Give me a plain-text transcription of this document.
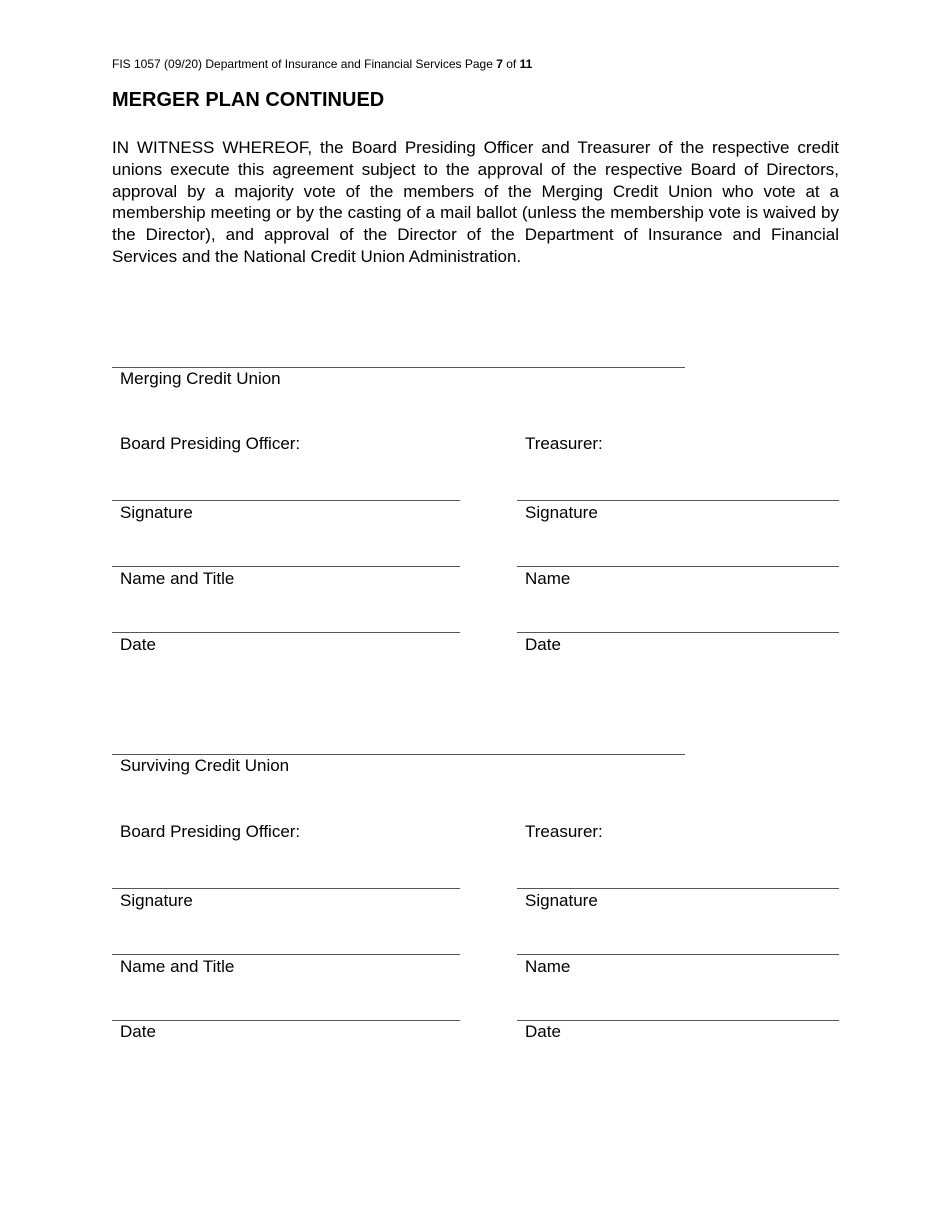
FIS 1057 (09/20) Department of Insurance and Financial Services Page 7 of 11
MERGER PLAN CONTINUED

IN WITNESS WHEREOF, the Board Presiding Officer and Treasurer of the respective credit unions execute this agreement subject to the approval of the respective Board of Directors, approval by a majority vote of the members of the Merging Credit Union who vote at a membership meeting or by the casting of a mail ballot (unless the membership vote is waived by the Director), and approval of the Director of the Department of Insurance and Financial Services and the National Credit Union Administration.

Merging Credit Union
Board Presiding Officer:	Treasurer:
Signature	Signature
Name and Title	Name
Date	Date
Surviving Credit Union
Board Presiding Officer:	Treasurer:
Signature	Signature
Name and Title	Name
Date	Date
